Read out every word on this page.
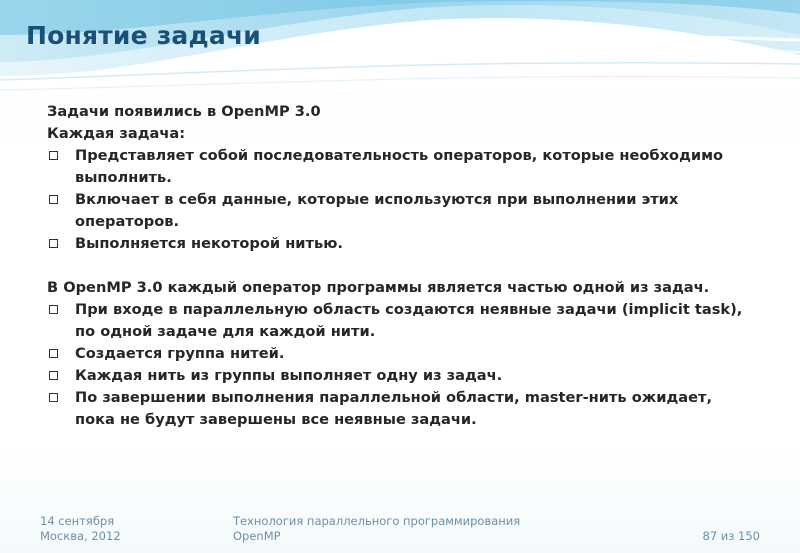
Понятие задачи

Задачи появились в OpenMP 3.0

Каждая задача:

Представляет собой последовательность операторов, которые необходимо выполнить.
Включает в себя данные, которые используются при выполнении этих операторов.
Выполняется некоторой нитью.

В OpenMP 3.0 каждый оператор программы является частью одной из задач.

При входе в параллельную область создаются неявные задачи (implicit task), по одной задаче для каждой нити.
Создается группа нитей.
Каждая нить из группы выполняет одну из задач.
По завершении выполнения параллельной области, master-нить ожидает, пока не будут завершены все неявные задачи.
14 сентября
Москва, 2012
Технология параллельного программирования
OpenMP	87 из 150
